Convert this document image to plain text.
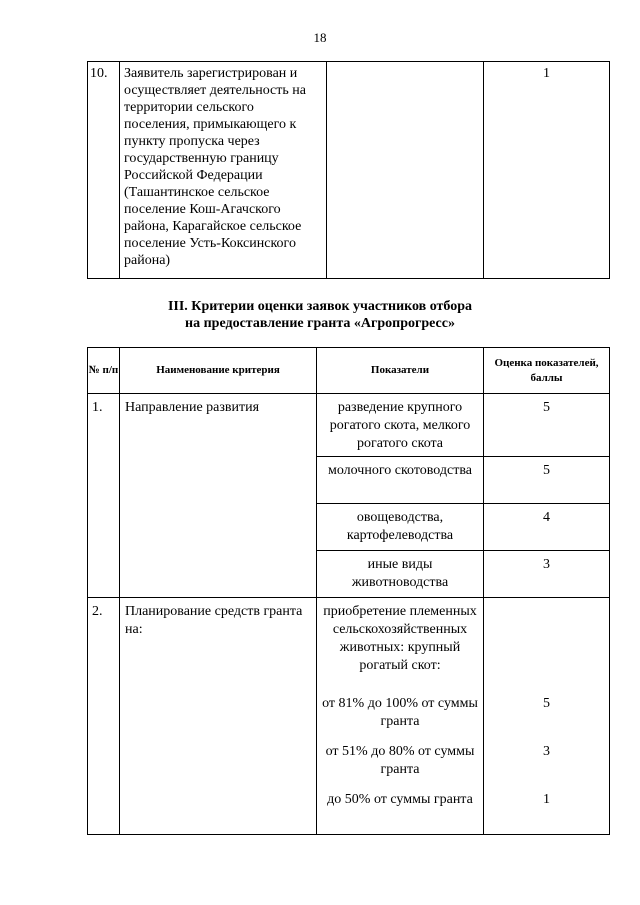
18
10.	Заявитель зарегистрирован и осуществляет деятельность на территории сельского поселения, примыкающего к пункту пропуска через государственную границу Российской Федерации (Ташантинское сельское поселение Кош-Агачского района, Карагайское сельское поселение Усть-Коксинского района)		1
III. Критерии оценки заявок участников отбора
на предоставление гранта «Агропрогресс»
№ п/п	Наименование критерия	Показатели	Оценка показателей, баллы
1.	Направление развития	разведение крупного рогатого скота, мелкого рогатого скота	5
		молочного скотоводства	5
		овощеводства, картофелеводства	4
		иные виды животноводства	3
2.	Планирование средств гранта на:	приобретение племенных сельскохозяйственных животных: крупный рогатый скот:	
		от 81% до 100% от суммы гранта	5
		от 51% до 80% от суммы гранта	3
		до 50% от суммы гранта	1
